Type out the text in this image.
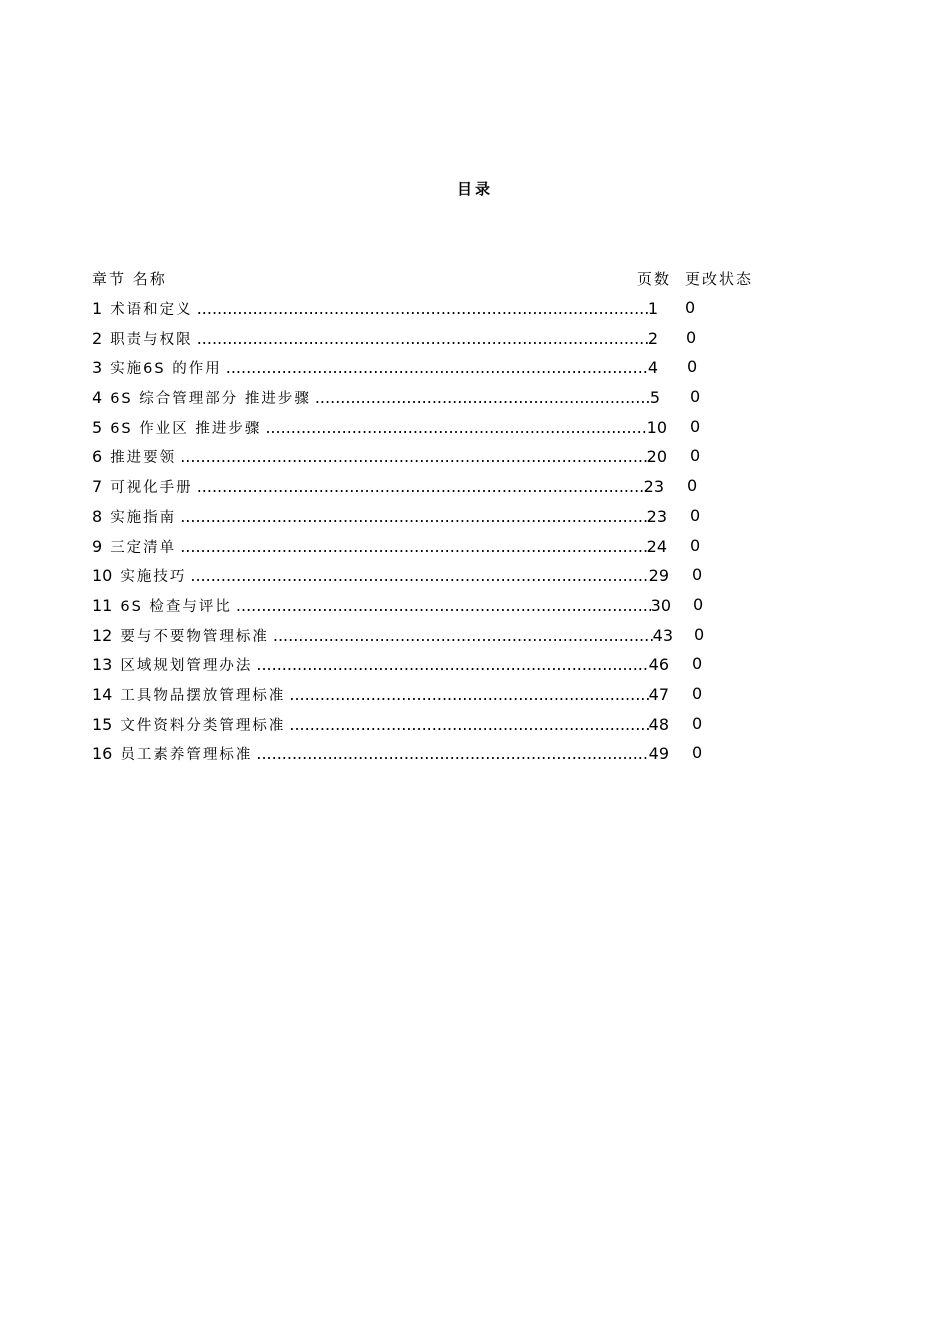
目录
章节 名称	页数 更改状态
1 术语和定义 .....	1 0
2 职责与权限 .....	2 0
3 实施6S 的作用 .....	4 0
4 6S 综合管理部分 推进步骤 .....	5 0
5 6S 作业区 推进步骤 .....	10 0
6 推进要领 .....	20 0
7 可视化手册 .....	23 0
8 实施指南 .....	23 0
9 三定清单 .....	24 0
10 实施技巧 .....	29 0
11 6S 检查与评比 .....	30 0
12 要与不要物管理标准 .....	43 0
13 区域规划管理办法 .....	46 0
14 工具物品摆放管理标准 .....	47 0
15 文件资料分类管理标准 .....	48 0
16 员工素养管理标准 .....	49 0
